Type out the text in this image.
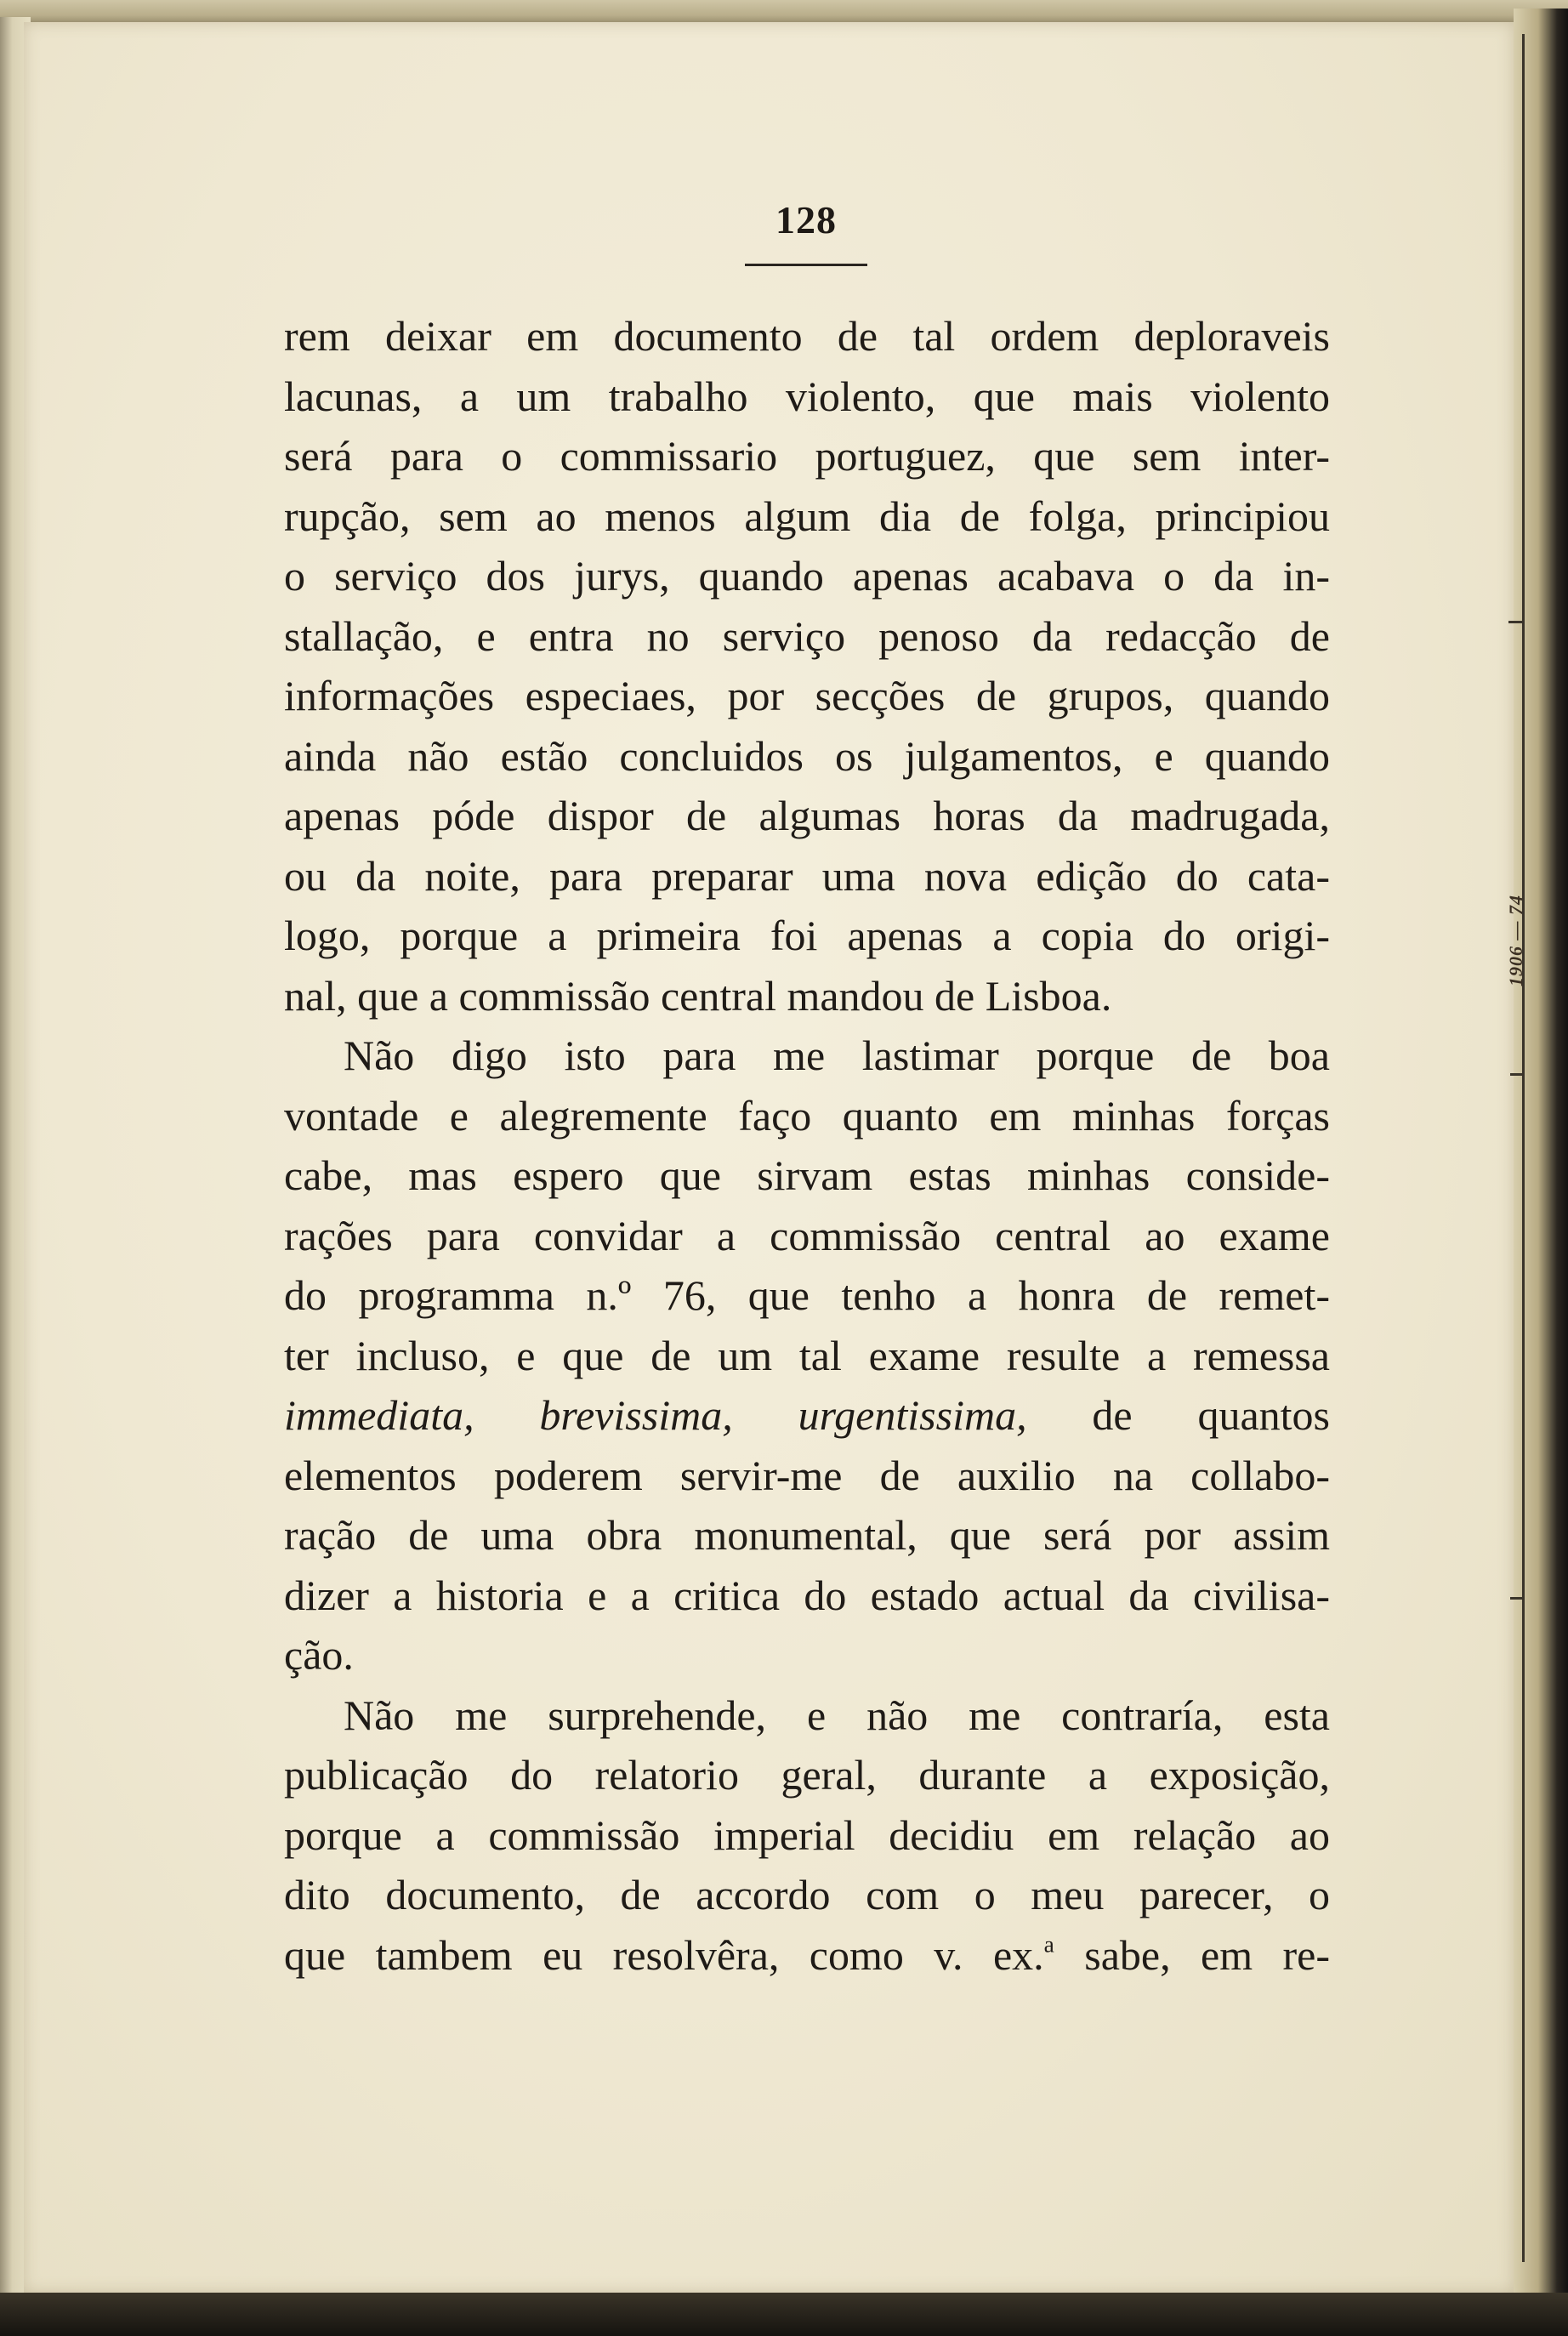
1906 — 74
128
rem deixar em documento de tal ordem deploraveis
lacunas, a um trabalho violento, que mais violento
será para o commissario portuguez, que sem inter-
rupção, sem ao menos algum dia de folga, principiou
o serviço dos jurys, quando apenas acabava o da in-
stallação, e entra no serviço penoso da redacção de
informações especiaes, por secções de grupos, quando
ainda não estão concluidos os julgamentos, e quando
apenas póde dispor de algumas horas da madrugada,
ou da noite, para preparar uma nova edição do cata-
logo, porque a primeira foi apenas a copia do origi-
nal, que a commissão central mandou de Lisboa.
Não digo isto para me lastimar porque de boa
vontade e alegremente faço quanto em minhas forças
cabe, mas espero que sirvam estas minhas conside-
rações para convidar a commissão central ao exame
do programma n.º 76, que tenho a honra de remet-
ter incluso, e que de um tal exame resulte a remessa
immediata, brevissima, urgentissima, de quantos
elementos poderem servir-me de auxilio na collabo-
ração de uma obra monumental, que será por assim
dizer a historia e a critica do estado actual da civilisa-
ção.
Não me surprehende, e não me contraría, esta
publicação do relatorio geral, durante a exposição,
porque a commissão imperial decidiu em relação ao
dito documento, de accordo com o meu parecer, o
que tambem eu resolvêra, como v. ex.$^a$ sabe, em re-
